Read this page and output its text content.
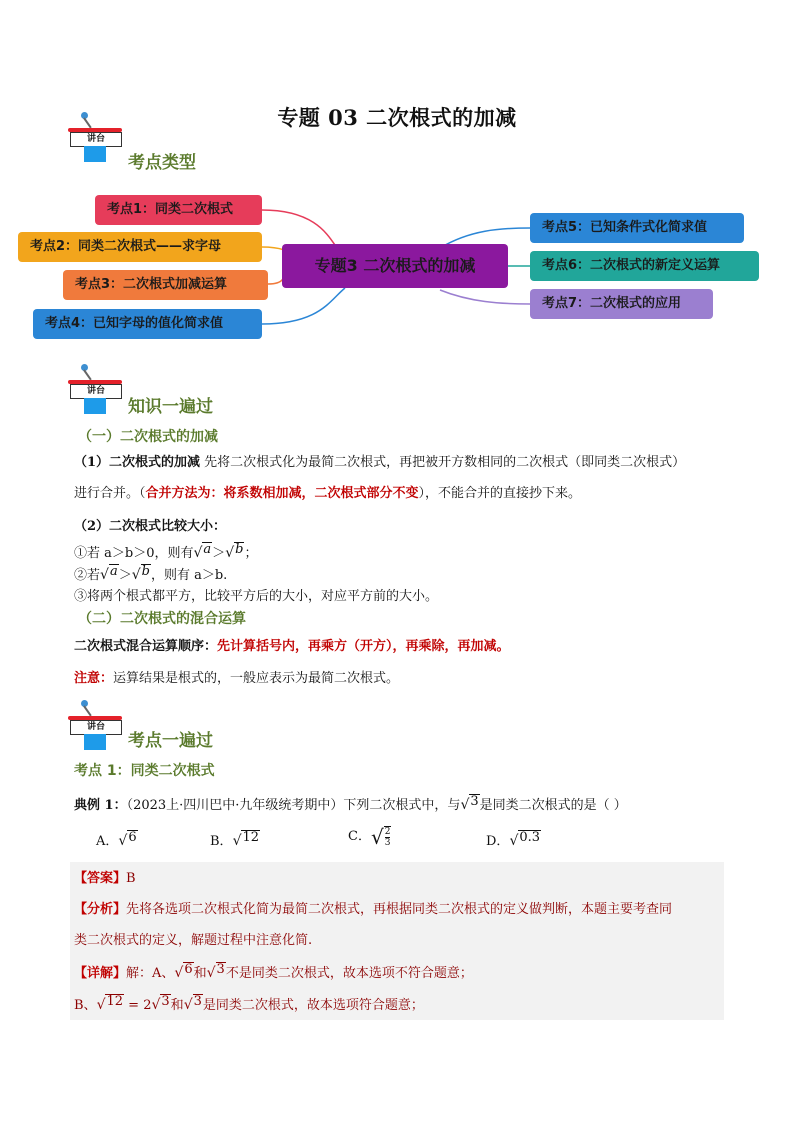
专题 03 二次根式的加减
讲台
考点类型
考点1：同类二次根式
考点2：同类二次根式——求字母
考点3：二次根式加减运算
考点4：已知字母的值化简求值
专题3 二次根式的加减
考点5：已知条件式化简求值
考点6：二次根式的新定义运算
考点7：二次根式的应用
讲台
知识一遍过
（一）二次根式的加减
（1）二次根式的加减 先将二次根式化为最简二次根式，再把被开方数相同的二次根式（即同类二次根式）
进行合并。（合并方法为：将系数相加减，二次根式部分不变），不能合并的直接抄下来。
（2）二次根式比较大小：
①若 a＞b＞0，则有 √ a ＞ √ b ；
②若 √ a ＞ √ b ，则有 a＞b.
③将两个根式都平方，比较平方后的大小，对应平方前的大小。
（二）二次根式的混合运算
二次根式混合运算顺序：先计算括号内，再乘方（开方），再乘除，再加减。
注意：运算结果是根式的，一般应表示为最简二次根式。
讲台
考点一遍过
考点 1：同类二次根式
典例 1：（2023上·四川巴中·九年级统考期中）下列二次根式中，与 √ 3 是同类二次根式的是（ ）
A． √ 6	B． √ 12	C． √ $\frac{2}{3}$	D． √ 0.3
【答案】B
【分析】先将各选项二次根式化简为最简二次根式，再根据同类二次根式的定义做判断，本题主要考查同
类二次根式的定义，解题过程中注意化简.
【详解】解：A、 √ 6 和 √ 3 不是同类二次根式，故本选项不符合题意；
B、 √ 12 = 2 √ 3 和 √ 3 是同类二次根式，故本选项符合题意；
